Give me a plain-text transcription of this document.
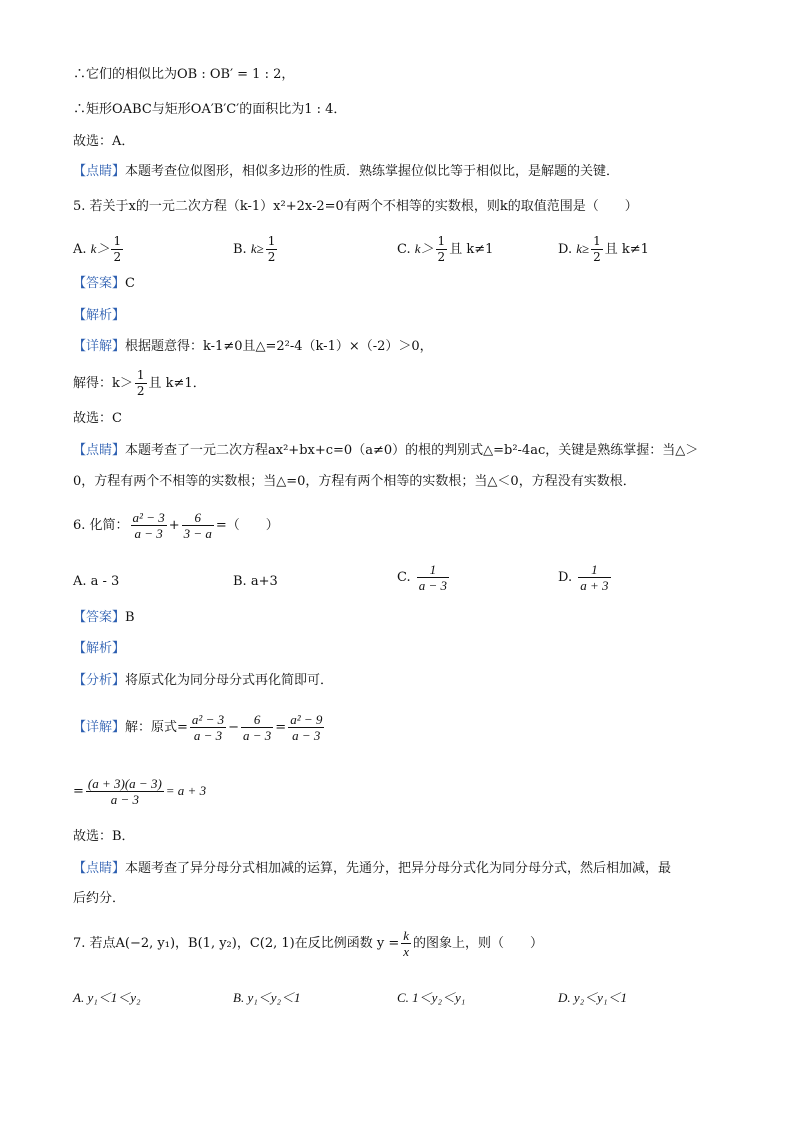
∴它们的相似比为OB : OB′ = 1 : 2，
∴矩形OABC与矩形OA′B′C′的面积比为1 : 4．
故选：A．
【点睛】本题考查位似图形，相似多边形的性质．熟练掌握位似比等于相似比，是解题的关键．
5. 若关于x的一元二次方程（k-1）x²+2x-2=0有两个不相等的实数根，则k的取值范围是（　　）
A. $k> \frac{1}{2}$	B. $k\ge \frac{1}{2}$	C. $k> \frac{1}{2}$ 且 k≠1	D. $k\ge \frac{1}{2}$ 且 k≠1
【答案】C
【解析】
【详解】根据题意得：k-1≠0且△=2²-4（k-1）×（-2）＞0，
解得：$k> \frac{1}{2}$ 且 k≠1．
故选：C
【点睛】本题考查了一元二次方程ax²+bx+c=0（a≠0）的根的判别式△=b²-4ac，关键是熟练掌握：当△＞
0，方程有两个不相等的实数根；当△=0，方程有两个相等的实数根；当△＜0，方程没有实数根．
6. 化简： $\frac{\text{a² − 3}}{a - 3} + \frac{6}{3 - a}$ =（　　）
A. a - 3	B. a+3	C. $\frac{1}{a - 3}$	D. $\frac{1}{a + 3}$
【答案】B
【解析】
【分析】将原式化为同分母分式再化简即可．
【详解】解：原式= $\frac{\text{a² − 3}}{a - 3} - \frac{6}{a - 3} = \frac{\text{a² − 9}}{a - 3}$
= $\frac{(a + 3)(a - 3)}{a - 3} = a + 3$
故选：B．
【点睛】本题考查了异分母分式相加减的运算，先通分，把异分母分式化为同分母分式，然后相加减，最
后约分．
7. 若点A(−2, y₁)，B(1, y₂)，C(2, 1)在反比例函数 $y = \frac{k}{x}$ 的图象上，则（　　）
A. y₁＜1＜y₂	B. y₁＜y₂＜1	C. 1＜y₂＜y₁	D. y₂＜y₁＜1
